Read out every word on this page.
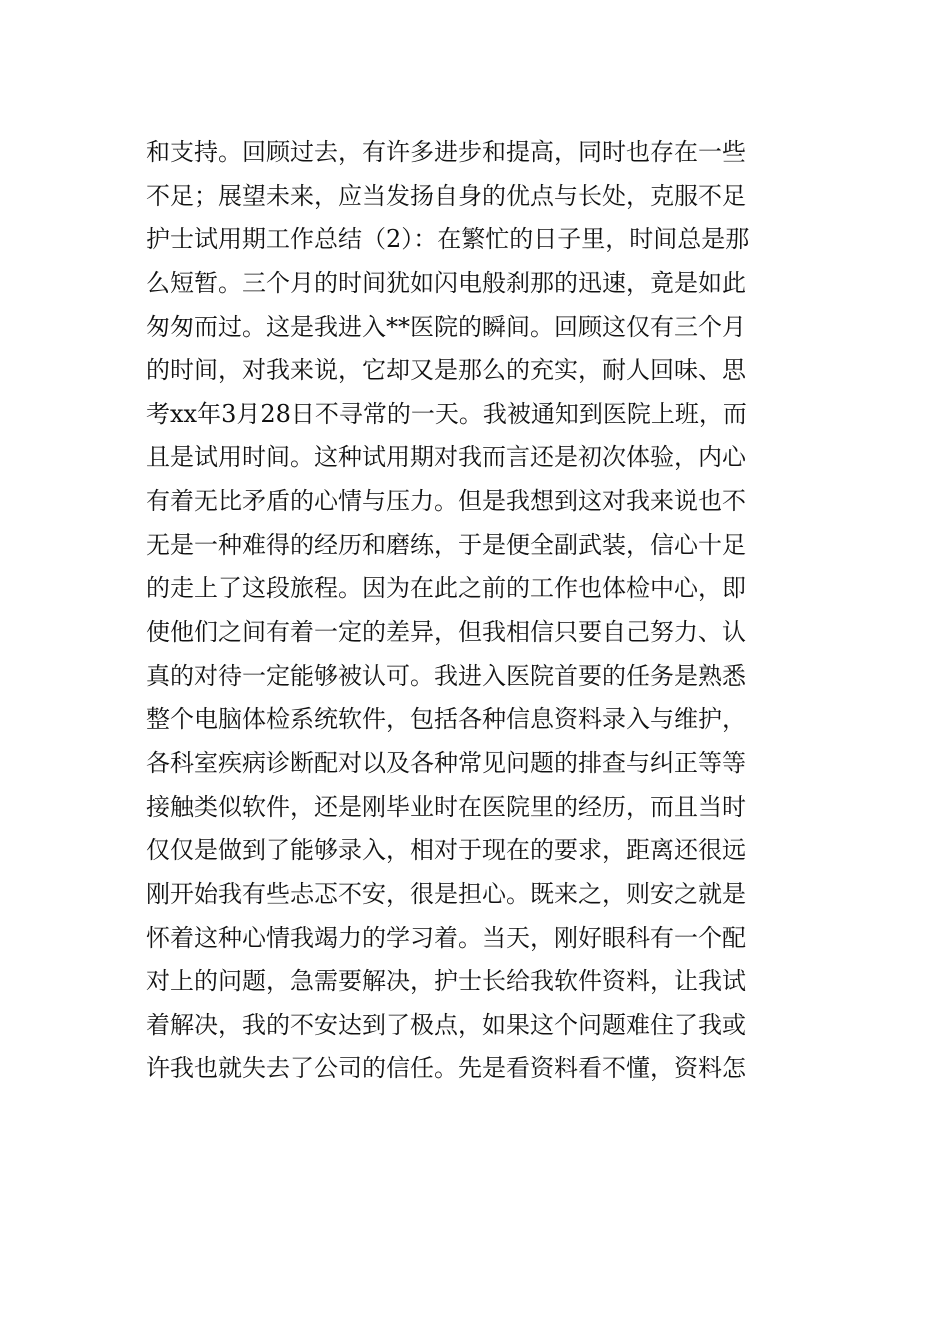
和支持。回顾过去，有许多进步和提高，同时也存在一些
不足；展望未来，应当发扬自身的优点与长处，克服不足
护士试用期工作总结（2）：在繁忙的日子里，时间总是那
么短暂。三个月的时间犹如闪电般刹那的迅速，竟是如此
匆匆而过。这是我进入**医院的瞬间。回顾这仅有三个月
的时间，对我来说，它却又是那么的充实，耐人回味、思
考xx年3月28日不寻常的一天。我被通知到医院上班，而
且是试用时间。这种试用期对我而言还是初次体验，内心
有着无比矛盾的心情与压力。但是我想到这对我来说也不
无是一种难得的经历和磨练，于是便全副武装，信心十足
的走上了这段旅程。因为在此之前的工作也体检中心，即
使他们之间有着一定的差异，但我相信只要自己努力、认
真的对待一定能够被认可。我进入医院首要的任务是熟悉
整个电脑体检系统软件，包括各种信息资料录入与维护，
各科室疾病诊断配对以及各种常见问题的排查与纠正等等
接触类似软件，还是刚毕业时在医院里的经历，而且当时
仅仅是做到了能够录入，相对于现在的要求，距离还很远
刚开始我有些忐忑不安，很是担心。既来之，则安之就是
怀着这种心情我竭力的学习着。当天，刚好眼科有一个配
对上的问题，急需要解决，护士长给我软件资料，让我试
着解决，我的不安达到了极点，如果这个问题难住了我或
许我也就失去了公司的信任。先是看资料看不懂，资料怎
